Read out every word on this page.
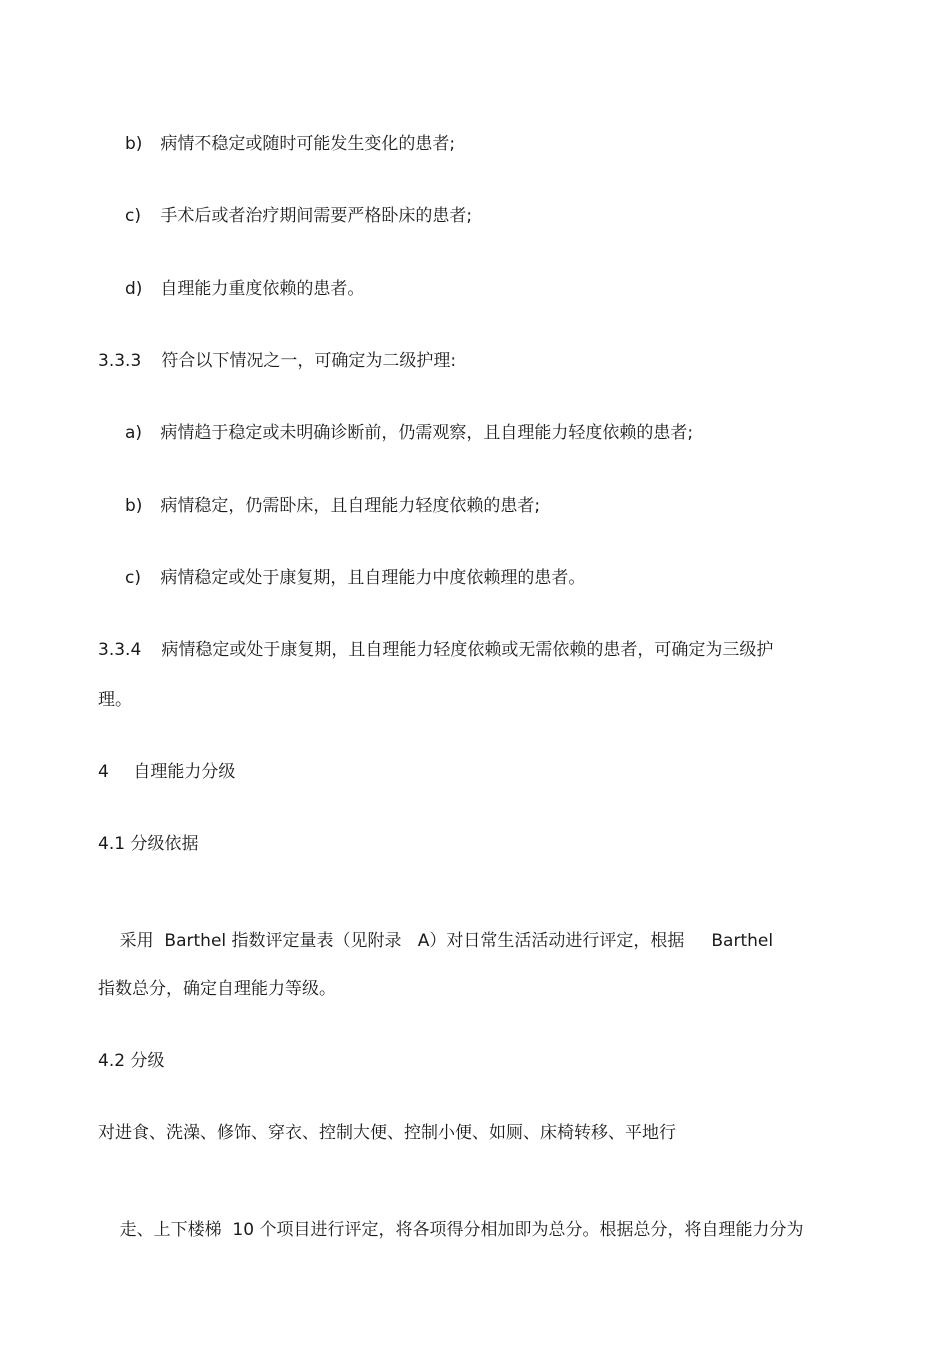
b) 病情不稳定或随时可能发生变化的患者;
c) 手术后或者治疗期间需要严格卧床的患者;
d) 自理能力重度依赖的患者。
3.3.3 符合以下情况之一，可确定为二级护理:
a) 病情趋于稳定或未明确诊断前，仍需观察，且自理能力轻度依赖的患者;
b) 病情稳定，仍需卧床，且自理能力轻度依赖的患者;
c) 病情稳定或处于康复期，且自理能力中度依赖理的患者。
3.3.4 病情稳定或处于康复期，且自理能力轻度依赖或无需依赖的患者，可确定为三级护
理。
4 自理能力分级
4.1 分级依据

采用  Barthel 指数评定量表（见附录   A）对日常生活活动进行评定，根据     Barthel

指数总分，确定自理能力等级。
4.2 分级
对进食、洗澡、修饰、穿衣、控制大便、控制小便、如厕、床椅转移、平地行

走、上下楼梯  10 个项目进行评定，将各项得分相加即为总分。根据总分，将自理能力分为
